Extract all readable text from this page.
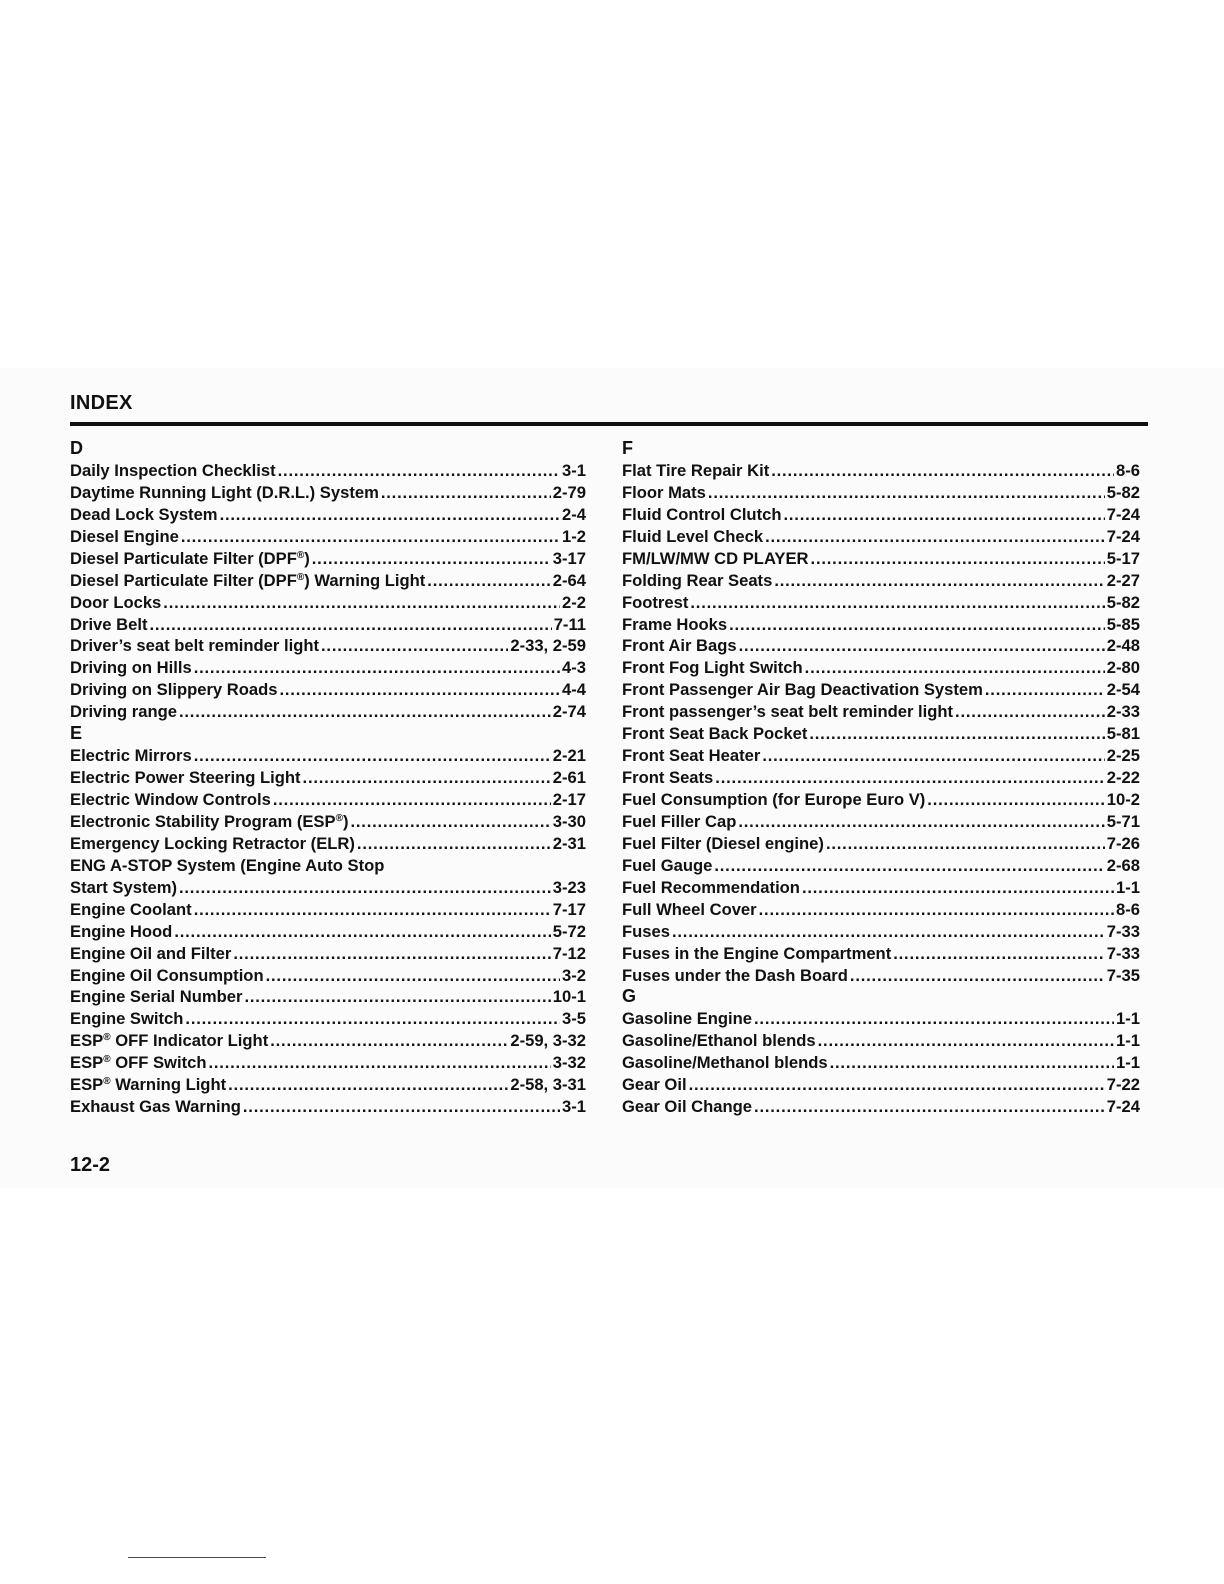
INDEX
D
Daily Inspection Checklist .....	3-1
Daytime Running Light (D.R.L.) System .....	2-79
Dead Lock System .....	2-4
Diesel Engine .....	1-2
Diesel Particulate Filter (DPF®) .....	3-17
Diesel Particulate Filter (DPF®) Warning Light .....	2-64
Door Locks .....	2-2
Drive Belt .....	7-11
Driver’s seat belt reminder light .....	2-33, 2-59
Driving on Hills .....	4-3
Driving on Slippery Roads .....	4-4
Driving range .....	2-74
E
Electric Mirrors .....	2-21
Electric Power Steering Light .....	2-61
Electric Window Controls .....	2-17
Electronic Stability Program (ESP®) .....	3-30
Emergency Locking Retractor (ELR) .....	2-31
ENG A-STOP System (Engine Auto Stop
Start System) .....	3-23
Engine Coolant .....	7-17
Engine Hood .....	5-72
Engine Oil and Filter .....	7-12
Engine Oil Consumption .....	3-2
Engine Serial Number .....	10-1
Engine Switch .....	3-5
ESP® OFF Indicator Light .....	2-59, 3-32
ESP® OFF Switch .....	3-32
ESP® Warning Light .....	2-58, 3-31
Exhaust Gas Warning .....	3-1
F
Flat Tire Repair Kit .....	8-6
Floor Mats .....	5-82
Fluid Control Clutch .....	7-24
Fluid Level Check .....	7-24
FM/LW/MW CD PLAYER .....	5-17
Folding Rear Seats .....	2-27
Footrest .....	5-82
Frame Hooks .....	5-85
Front Air Bags .....	2-48
Front Fog Light Switch .....	2-80
Front Passenger Air Bag Deactivation System .....	2-54
Front passenger’s seat belt reminder light .....	2-33
Front Seat Back Pocket .....	5-81
Front Seat Heater .....	2-25
Front Seats .....	2-22
Fuel Consumption (for Europe Euro V) .....	10-2
Fuel Filler Cap .....	5-71
Fuel Filter (Diesel engine) .....	7-26
Fuel Gauge .....	2-68
Fuel Recommendation .....	1-1
Full Wheel Cover .....	8-6
Fuses .....	7-33
Fuses in the Engine Compartment .....	7-33
Fuses under the Dash Board .....	7-35
G
Gasoline Engine .....	1-1
Gasoline/Ethanol blends .....	1-1
Gasoline/Methanol blends .....	1-1
Gear Oil .....	7-22
Gear Oil Change .....	7-24
12-2
